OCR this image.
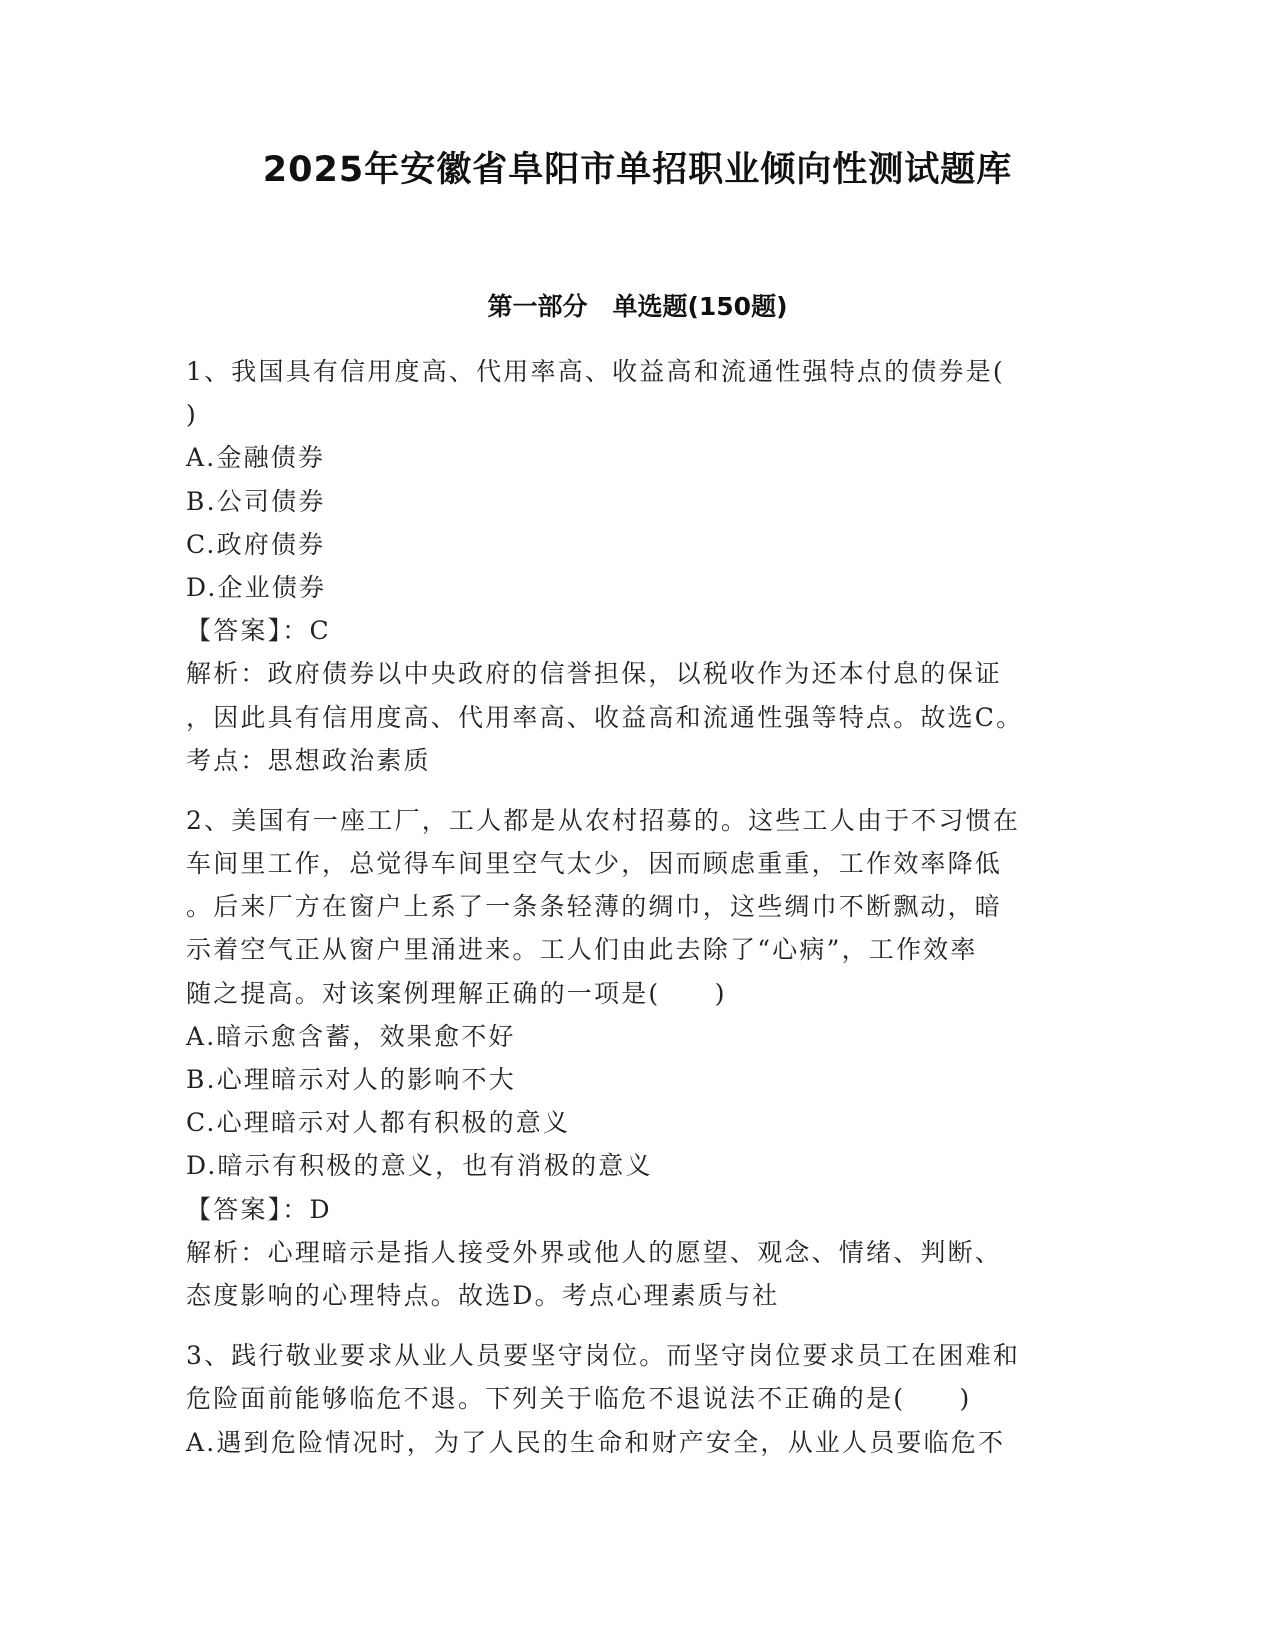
2025年安徽省阜阳市单招职业倾向性测试题库
第一部分　单选题(150题)
1、我国具有信用度高、代用率高、收益高和流通性强特点的债券是(
)
A.金融债券
B.公司债券
C.政府债券
D.企业债券
【答案】：C
解析：政府债券以中央政府的信誉担保，以税收作为还本付息的保证
，因此具有信用度高、代用率高、收益高和流通性强等特点。故选C。
考点：思想政治素质
2、美国有一座工厂，工人都是从农村招募的。这些工人由于不习惯在
车间里工作，总觉得车间里空气太少，因而顾虑重重，工作效率降低
。后来厂方在窗户上系了一条条轻薄的绸巾，这些绸巾不断飘动，暗
示着空气正从窗户里涌进来。工人们由此去除了“心病”，工作效率
随之提高。对该案例理解正确的一项是(　　)
A.暗示愈含蓄，效果愈不好
B.心理暗示对人的影响不大
C.心理暗示对人都有积极的意义
D.暗示有积极的意义，也有消极的意义
【答案】：D
解析：心理暗示是指人接受外界或他人的愿望、观念、情绪、判断、
态度影响的心理特点。故选D。考点心理素质与社
3、践行敬业要求从业人员要坚守岗位。而坚守岗位要求员工在困难和
危险面前能够临危不退。下列关于临危不退说法不正确的是(　　)
A.遇到危险情况时，为了人民的生命和财产安全，从业人员要临危不
